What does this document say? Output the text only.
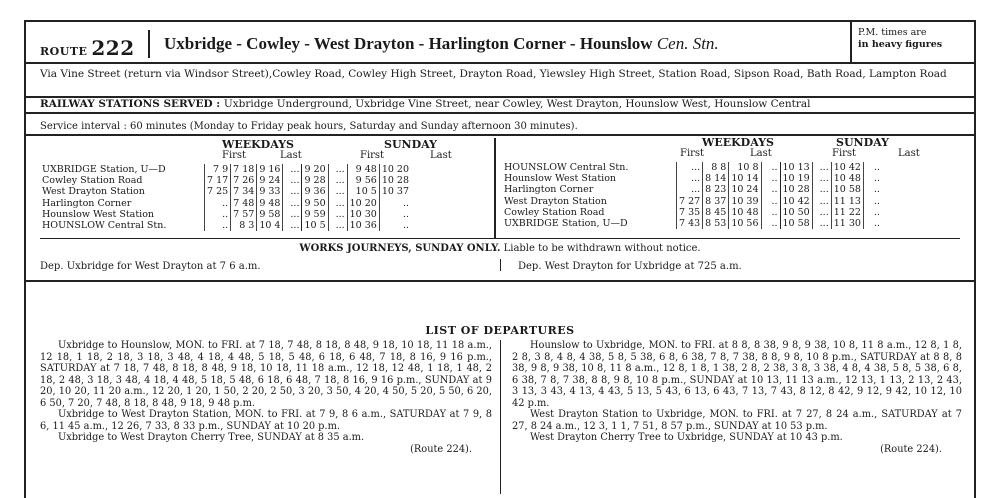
ROUTE 222 Uxbridge - Cowley - West Drayton - Harlington Corner - Hounslow Cen. Stn.
P.M. times are
in heavy figures
Via Vine Street (return via Windsor Street),Cowley Road, Cowley High Street, Drayton Road, Yiewsley High Street, Station Road, Sipson Road, Bath Road, Lampton Road
RAILWAY STATIONS SERVED : Uxbridge Underground, Uxbridge Vine Street, near Cowley, West Drayton, Hounslow West, Hounslow Central
Service interval : 60 minutes (Monday to Friday peak hours, Saturday and Sunday afternoon 30 minutes).
WEEKDAYS	SUNDAY
First	Last	First	Last
UXBRIDGE Station, U—D	7 9	7 18	9 16	...	9 20	...	9 48	10 20
Cowley Station Road	7 17	7 26	9 24	...	9 28	...	9 56	10 28
West Drayton Station	7 25	7 34	9 33	...	9 36	...	10 5	10 37
Harlington Corner	..	7 48	9 48	...	9 50	...	10 20	..
Hounslow West Station	..	7 57	9 58	...	9 59	...	10 30	..
HOUNSLOW Central Stn.	..	8 3	10 4	...	10 5	...	10 36	..
WEEKDAYS	SUNDAY
First	Last	First	Last
HOUNSLOW Central Stn.	...	8 8	10 8	..	10 13	...	10 42	..
Hounslow West Station	...	8 14	10 14	..	10 19	...	10 48	..
Harlington Corner	...	8 23	10 24	..	10 28	...	10 58	..
West Drayton Station	7 27	8 37	10 39	..	10 42	...	11 13	..
Cowley Station Road	7 35	8 45	10 48	..	10 50	...	11 22	..
UXBRIDGE Station, U—D	7 43	8 53	10 56	..	10 58	...	11 30	..
WORKS JOURNEYS, SUNDAY ONLY. Liable to be withdrawn without notice.
Dep. Uxbridge for West Drayton at 7 6 a.m.	Dep. West Drayton for Uxbridge at 725 a.m.
LIST OF DEPARTURES

Uxbridge to Hounslow, MON. to FRI. at 7 18, 7 48, 8 18, 8 48, 9 18, 10 18, 11 18 a.m., 12 18, 1 18, 2 18, 3 18, 3 48, 4 18, 4 48, 5 18, 5 48, 6 18, 6 48, 7 18, 8 16, 9 16 p.m., SATURDAY at 7 18, 7 48, 8 18, 8 48, 9 18, 10 18, 11 18 a.m., 12 18, 12 48, 1 18, 1 48, 2 18, 2 48, 3 18, 3 48, 4 18, 4 48, 5 18, 5 48, 6 18, 6 48, 7 18, 8 16, 9 16 p.m., SUNDAY at 9 20, 10 20, 11 20 a.m., 12 20, 1 20, 1 50, 2 20, 2 50, 3 20, 3 50, 4 20, 4 50, 5 20, 5 50, 6 20, 6 50, 7 20, 7 48, 8 18, 8 48, 9 18, 9 48 p.m.

Uxbridge to West Drayton Station, MON. to FRI. at 7 9, 8 6 a.m., SATURDAY at 7 9, 8 6, 11 45 a.m., 12 26, 7 33, 8 33 p.m., SUNDAY at 10 20 p.m.

Uxbridge to West Drayton Cherry Tree, SUNDAY at 8 35 a.m.

(Route 224).

Hounslow to Uxbridge, MON. to FRI. at 8 8, 8 38, 9 8, 9 38, 10 8, 11 8 a.m., 12 8, 1 8, 2 8, 3 8, 4 8, 4 38, 5 8, 5 38, 6 8, 6 38, 7 8, 7 38, 8 8, 9 8, 10 8 p.m., SATURDAY at 8 8, 8 38, 9 8, 9 38, 10 8, 11 8 a.m., 12 8, 1 8, 1 38, 2 8, 2 38, 3 8, 3 38, 4 8, 4 38, 5 8, 5 38, 6 8, 6 38, 7 8, 7 38, 8 8, 9 8, 10 8 p.m., SUNDAY at 10 13, 11 13 a.m., 12 13, 1 13, 2 13, 2 43, 3 13, 3 43, 4 13, 4 43, 5 13, 5 43, 6 13, 6 43, 7 13, 7 43, 8 12, 8 42, 9 12, 9 42, 10 12, 10 42 p.m.

West Drayton Station to Uxbridge, MON. to FRI. at 7 27, 8 24 a.m., SATURDAY at 7 27, 8 24 a.m., 12 3, 1 1, 7 51, 8 57 p.m., SUNDAY at 10 53 p.m.

West Drayton Cherry Tree to Uxbridge, SUNDAY at 10 43 p.m.

(Route 224).
